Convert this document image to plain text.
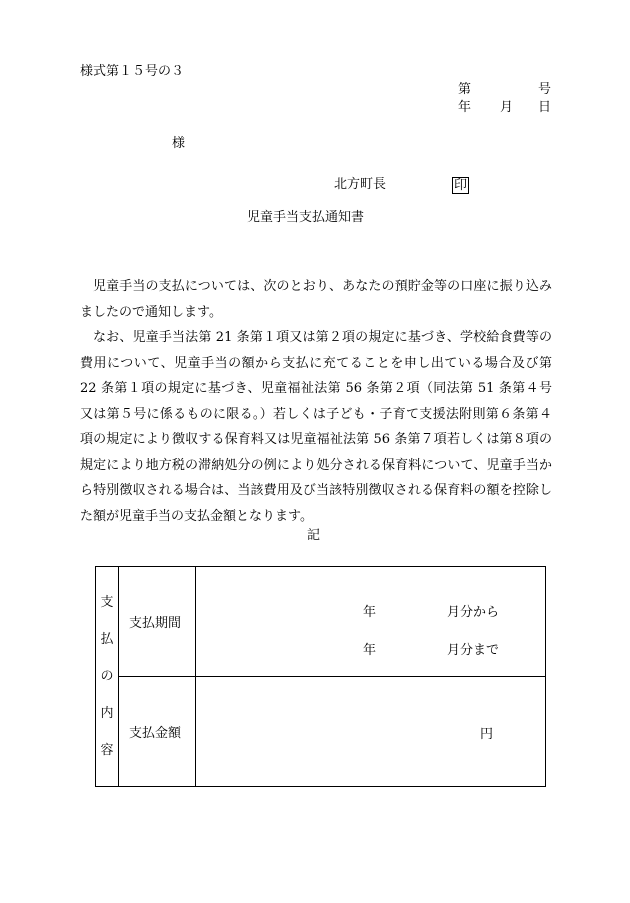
様式第１５号の３
第	号
年 月 日
様
北方町長	印
児童手当支払通知書
児童手当の支払については、次のとおり、あなたの預貯金等の口座に振り込みましたので通知します。
なお、児童手当法第 21 条第１項又は第２項の規定に基づき、学校給食費等の費用について、児童手当の額から支払に充てることを申し出ている場合及び第 22 条第１項の規定に基づき、児童福祉法第 56 条第２項（同法第 51 条第４号又は第５号に係るものに限る。）若しくは子ども・子育て支援法附則第６条第４項の規定により徴収する保育料又は児童福祉法第 56 条第７項若しくは第８項の規定により地方税の滞納処分の例により処分される保育料について、児童手当から特別徴収される場合は、当該費用及び当該特別徴収される保育料の額を控除した額が児童手当の支払金額となります。
記
支
払
の
内
容	支払期間	年 月分から
年 月分まで

	支払金額	円
